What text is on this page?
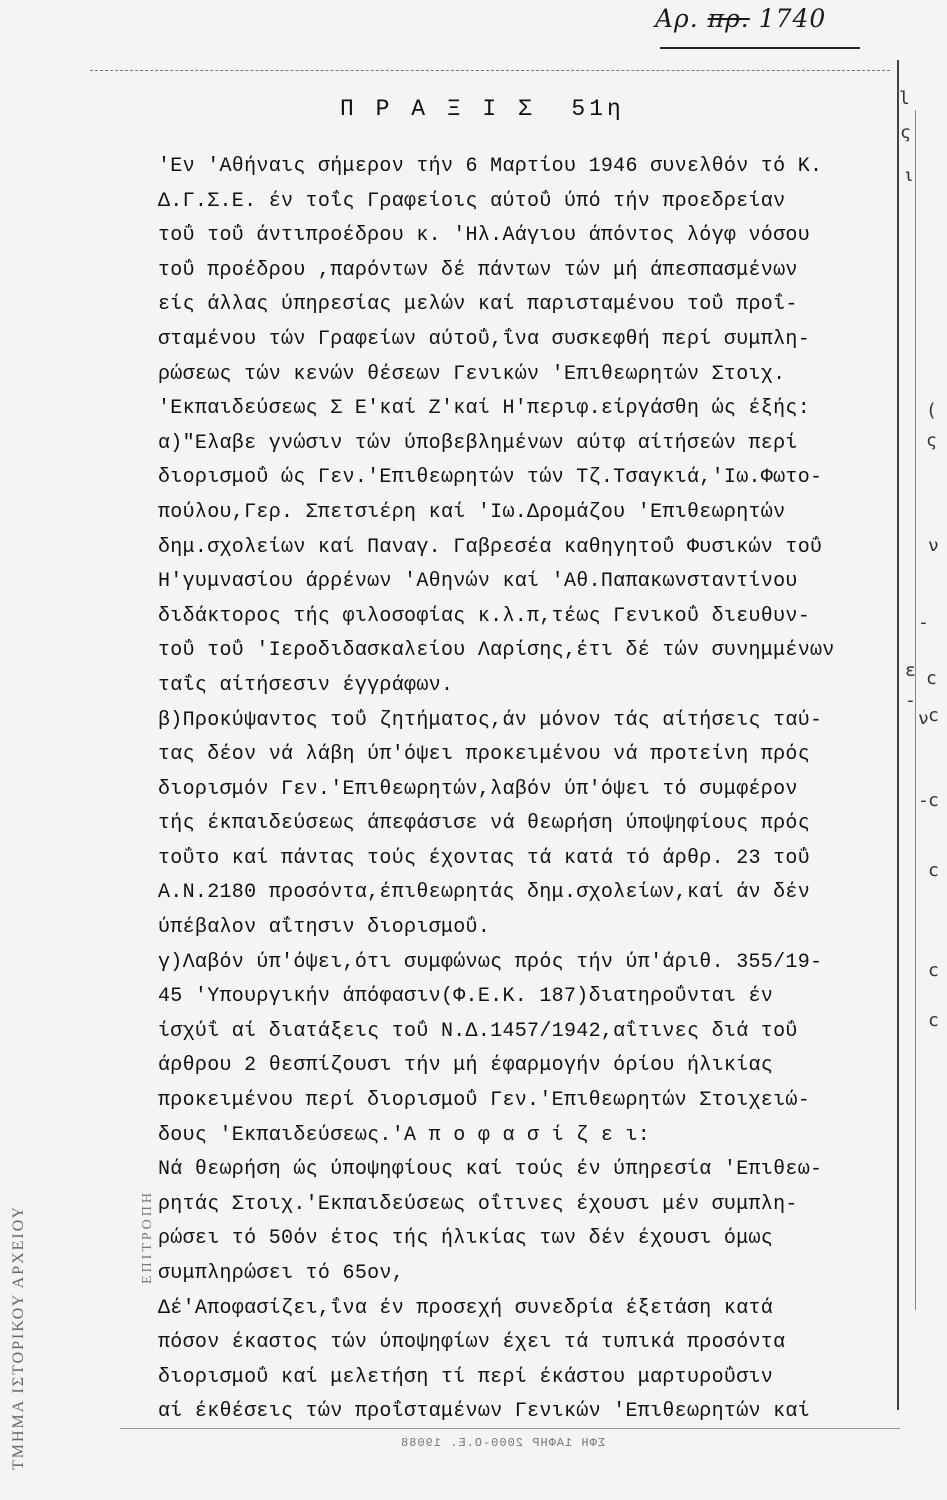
Αρ. πρ. 1740
l
ς
ι
(
ς
ν
-
ε c
-
ν c
- c
c
c
c
ΤΜΗΜΑ ΙΣΤΟΡΙΚΟΥ ΑΡΧΕΙΟΥ	ΕΠΙΤΡΟΠΗ
Π Ρ Α Ξ Ι Σ  51η
'Εν 'Αθήναις σήμερον τήν 6 Μαρτίου 1946 συνελθόν τό Κ.
Δ.Γ.Σ.Ε. έν τοΐς Γραφείοις αύτοΰ ύπό τήν προεδρείαν
τοΰ τοΰ άντιπροέδρου κ. 'Ηλ.Αάγιου άπόντος λόγφ νόσου
τοΰ προέδρου ,παρόντων δέ πάντων τών μή άπεσπασμένων
είς άλλας ύπηρεσίας μελών καί παρισταμένου τοΰ προΐ-
σταμένου τών Γραφείων αύτοΰ,ΐνα συσκεφθή περί συμπλη-
ρώσεως τών κενών θέσεων Γενικών 'Επιθεωρητών Στοιχ.
'Εκπαιδεύσεως Σ Ε'καί Ζ'καί Η'περιφ.είργάσθη ώς έξής:
α)"Ελαβε γνώσιν τών ύποβεβλημένων αύτφ αίτήσεών περί
διορισμοΰ ώς Γεν.'Επιθεωρητών τών Τζ.Τσαγκιά,'Ιω.Φωτο-
πούλου,Γερ. Σπετσιέρη καί 'Ιω.Δρομάζου 'Επιθεωρητών
δημ.σχολείων καί Παναγ. Γαβρεσέα καθηγητοΰ Φυσικών τοΰ
Η'γυμνασίου άρρένων 'Αθηνών καί 'Αθ.Παπακωνσταντίνου
διδάκτορος τής φιλοσοφίας κ.λ.π,τέως Γενικοΰ διευθυν-
τοΰ τοΰ 'Ιεροδιδασκαλείου Λαρίσης,έτι δέ τών συνημμένων
ταΐς αίτήσεσιν έγγράφων.
β)Προκύψαντος τοΰ ζητήματος,άν μόνον τάς αίτήσεις ταύ-
τας δέον νά λάβη ύπ'όψει προκειμένου νά προτείνη πρός
διορισμόν Γεν.'Επιθεωρητών,λαβόν ύπ'όψει τό συμφέρον
τής έκπαιδεύσεως άπεφάσισε νά θεωρήση ύποψηφίους πρός
τοΰτο καί πάντας τούς έχοντας τά κατά τό άρθρ. 23 τοΰ
Α.Ν.2180 προσόντα,έπιθεωρητάς δημ.σχολείων,καί άν δέν
ύπέβαλον αΐτησιν διορισμοΰ.
γ)Λαβόν ύπ'όψει,ότι συμφώνως πρός τήν ύπ'άριθ. 355/19-
45 'Υπουργικήν άπόφασιν(Φ.Ε.Κ. 187)διατηροΰνται έν
ίσχύΐ αί διατάξεις τοΰ Ν.Δ.1457/1942,αΐτινες διά τοΰ
άρθρου 2 θεσπίζουσι τήν μή έφαρμογήν όρίου ήλικίας
προκειμένου περί διορισμοΰ Γεν.'Επιθεωρητών Στοιχειώ-
δους 'Εκπαιδεύσεως.'Α π ο φ α σ ί ζ ε ι:
Νά θεωρήση ώς ύποψηφίους καί τούς έν ύπηρεσία 'Επιθεω-
ρητάς Στοιχ.'Εκπαιδεύσεως οΐτινες έχουσι μέν συμπλη-
ρώσει τό 50όν έτος τής ήλικίας των δέν έχουσι όμως
συμπληρώσει τό 65ον,
Δέ'Αποφασίζει,ΐνα έν προσεχή συνεδρία έξετάση κατά
πόσον έκαστος τών ύποψηφίων έχει τά τυπικά προσόντα
διορισμοΰ καί μελετήση τί περί έκάστου μαρτυροΰσιν
αί έκθέσεις τών προΐσταμένων Γενικών 'Επιθεωρητών καί
ΣΦΗ 1ΑΦΗΡ 2000-Ο.Ε. 19088
